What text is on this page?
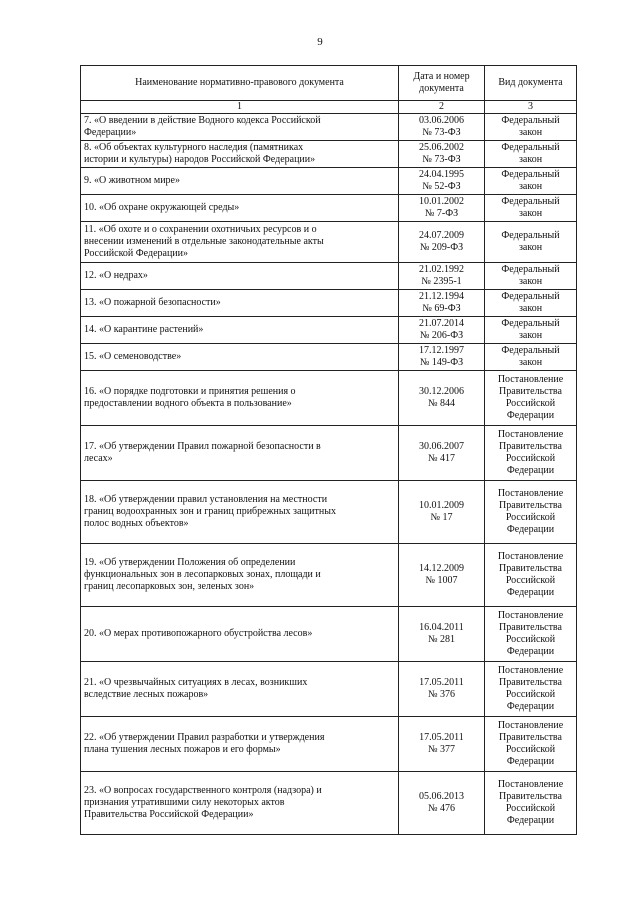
9
Наименование нормативно-правового документа	Дата и номер документа	Вид документа
1	2	3

7. «О введении в действие Водного кодекса Российской
Федерации»	03.06.2006
№ 73-ФЗ	Федеральный
закон

8. «Об объектах культурного наследия (памятниках
истории и культуры) народов Российской Федерации»	25.06.2002
№ 73-ФЗ	Федеральный
закон

9. «О животном мире»	24.04.1995
№ 52-ФЗ	Федеральный
закон

10. «Об охране окружающей среды»	10.01.2002
№ 7-ФЗ	Федеральный
закон

11. «Об охоте и о сохранении охотничьих ресурсов и о
внесении изменений в отдельные законодательные акты
Российской Федерации»	24.07.2009
№ 209-ФЗ	Федеральный
закон

12. «О недрах»	21.02.1992
№ 2395-1	Федеральный
закон

13. «О пожарной безопасности»	21.12.1994
№ 69-ФЗ	Федеральный
закон

14. «О карантине растений»	21.07.2014
№ 206-ФЗ	Федеральный
закон

15. «О семеноводстве»	17.12.1997
№ 149-ФЗ	Федеральный
закон

16. «О порядке подготовки и принятия решения о
предоставлении водного объекта в пользование»	30.12.2006
№ 844	Постановление
Правительства
Российской
Федерации

17. «Об утверждении Правил пожарной безопасности в
лесах»	30.06.2007
№ 417	Постановление
Правительства
Российской
Федерации

18. «Об утверждении правил установления на местности
границ водоохранных зон и границ прибрежных защитных
полос водных объектов»	10.01.2009
№ 17	Постановление
Правительства
Российской
Федерации

19. «Об утверждении Положения об определении
функциональных зон в лесопарковых зонах, площади и
границ лесопарковых зон, зеленых зон»	14.12.2009
№ 1007	Постановление
Правительства
Российской
Федерации

20. «О мерах противопожарного обустройства лесов»	16.04.2011
№ 281	Постановление
Правительства
Российской
Федерации

21. «О чрезвычайных ситуациях в лесах, возникших
вследствие лесных пожаров»	17.05.2011
№ 376	Постановление
Правительства
Российской
Федерации

22. «Об утверждении Правил разработки и утверждения
плана тушения лесных пожаров и его формы»	17.05.2011
№ 377	Постановление
Правительства
Российской
Федерации

23. «О вопросах государственного контроля (надзора) и
признания утратившими силу некоторых актов
Правительства Российской Федерации»	05.06.2013
№ 476	Постановление
Правительства
Российской
Федерации
